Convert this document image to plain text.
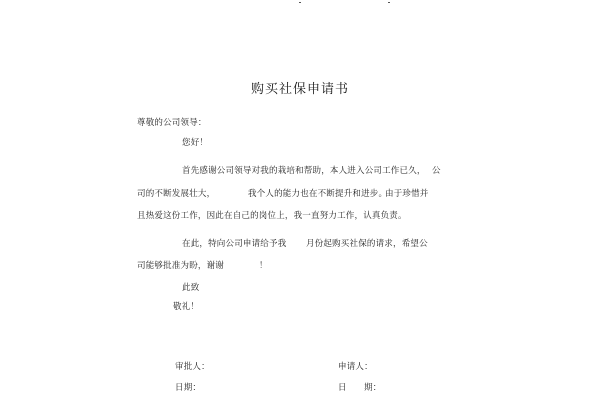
购买社保申请书
尊敬的公司领导：
您好！
首先感谢公司领导对我的栽培和帮助，本人进入公司工作已久， 公
司的不断发展壮大，	我个人的能力也在不断提升和进步。
由于珍惜并
且热爱这份工作，因此在自己的岗位上，我一直努力工作，认真负责。
在此，特向公司申请给予我 月份起购买社保的请求，希望公
司能够批准为盼，谢谢	！
此致
敬礼！
审批人：	申请人：
日期：	日　　期：
